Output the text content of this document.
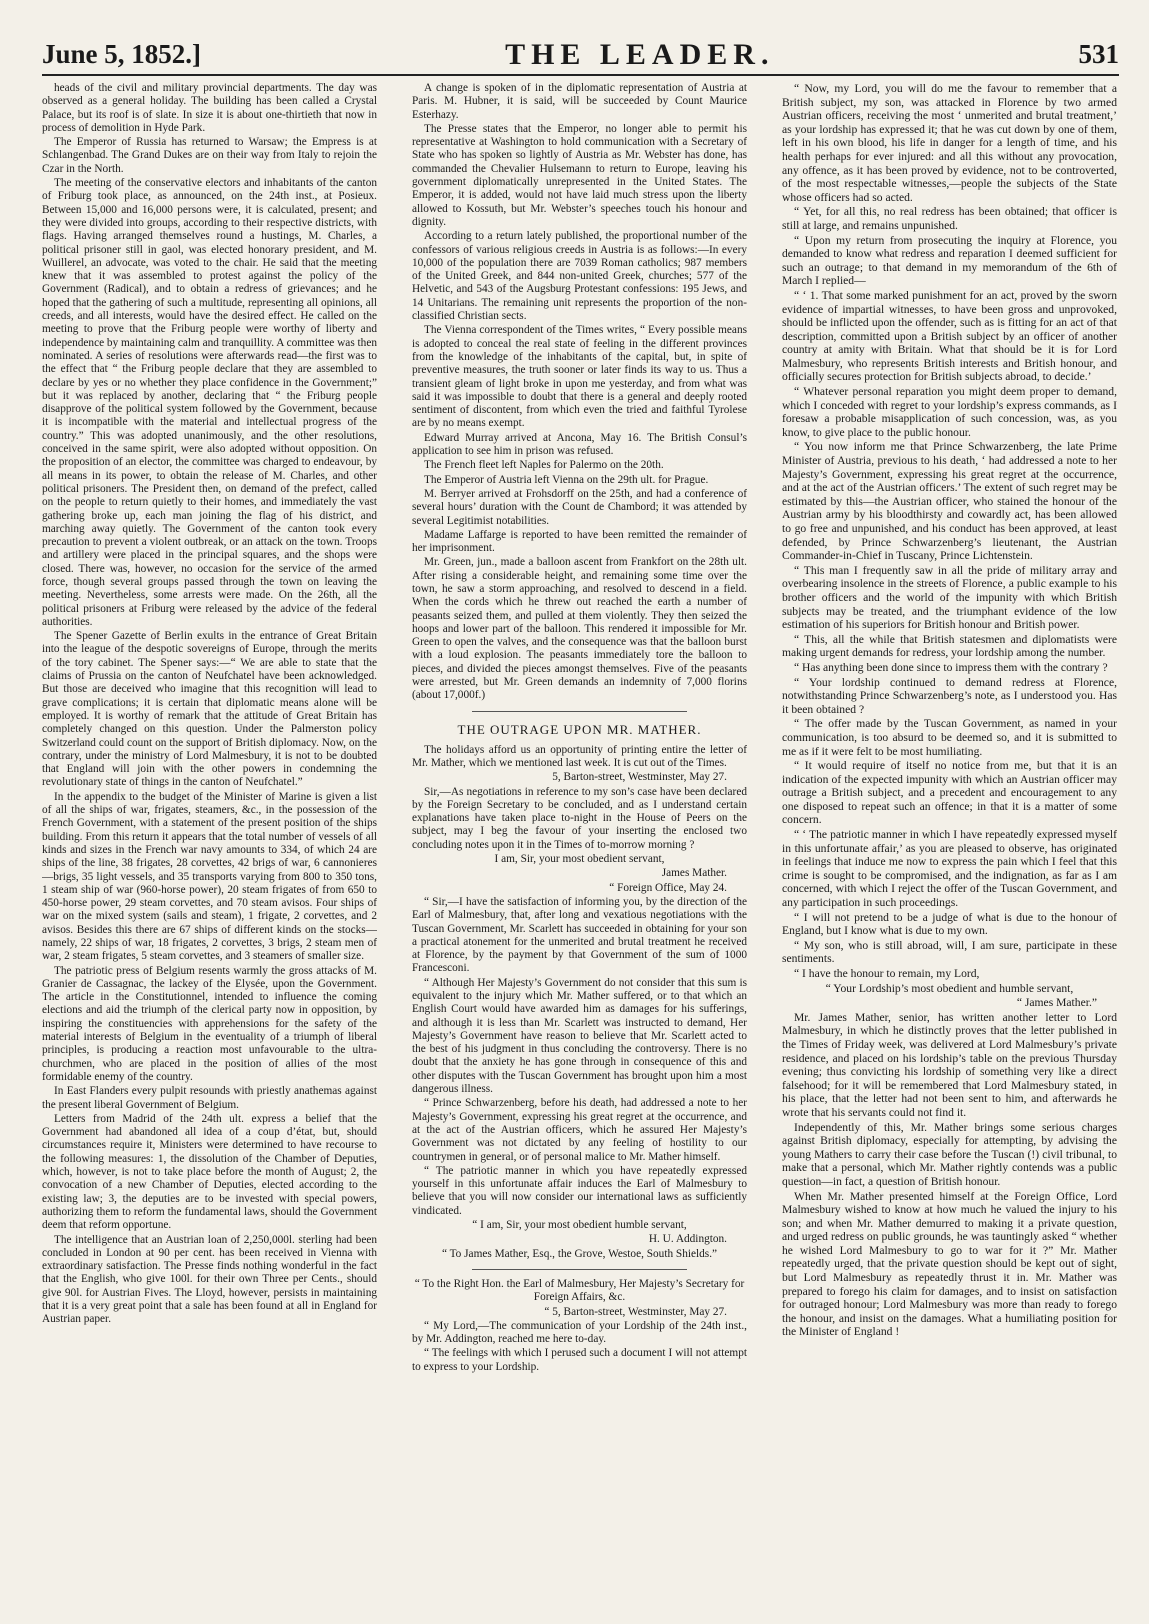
June 5, 1852.]	THE LEADER.	531

heads of the civil and military provincial departments. The day was observed as a general holiday. The building has been called a Crystal Palace, but its roof is of slate. In size it is about one-thirtieth that now in process of demolition in Hyde Park.

The Emperor of Russia has returned to Warsaw; the Empress is at Schlangenbad. The Grand Dukes are on their way from Italy to rejoin the Czar in the North.

The meeting of the conservative electors and inhabitants of the canton of Friburg took place, as announced, on the 24th inst., at Posieux. Between 15,000 and 16,000 persons were, it is calculated, present; and they were divided into groups, according to their respective districts, with flags. Having arranged themselves round a hustings, M. Charles, a political prisoner still in gaol, was elected honorary president, and M. Wuillerel, an advocate, was voted to the chair. He said that the meeting knew that it was assembled to protest against the policy of the Government (Radical), and to obtain a redress of grievances; and he hoped that the gathering of such a multitude, representing all opinions, all creeds, and all interests, would have the desired effect. He called on the meeting to prove that the Friburg people were worthy of liberty and independence by maintaining calm and tranquillity. A committee was then nominated. A series of resolutions were afterwards read—the first was to the effect that “ the Friburg people declare that they are assembled to declare by yes or no whether they place confidence in the Government;” but it was replaced by another, declaring that “ the Friburg people disapprove of the political system followed by the Government, because it is incompatible with the material and intellectual progress of the country.” This was adopted unanimously, and the other resolutions, conceived in the same spirit, were also adopted without opposition. On the proposition of an elector, the committee was charged to endeavour, by all means in its power, to obtain the release of M. Charles, and other political prisoners. The President then, on demand of the prefect, called on the people to return quietly to their homes, and immediately the vast gathering broke up, each man joining the flag of his district, and marching away quietly. The Government of the canton took every precaution to prevent a violent outbreak, or an attack on the town. Troops and artillery were placed in the principal squares, and the shops were closed. There was, however, no occasion for the service of the armed force, though several groups passed through the town on leaving the meeting. Nevertheless, some arrests were made. On the 26th, all the political prisoners at Friburg were released by the advice of the federal authorities.

The Spener Gazette of Berlin exults in the entrance of Great Britain into the league of the despotic sovereigns of Europe, through the merits of the tory cabinet. The Spener says:—“ We are able to state that the claims of Prussia on the canton of Neufchatel have been acknowledged. But those are deceived who imagine that this recognition will lead to grave complications; it is certain that diplomatic means alone will be employed. It is worthy of remark that the attitude of Great Britain has completely changed on this question. Under the Palmerston policy Switzerland could count on the support of British diplomacy. Now, on the contrary, under the ministry of Lord Malmesbury, it is not to be doubted that England will join with the other powers in condemning the revolutionary state of things in the canton of Neufchatel.”

In the appendix to the budget of the Minister of Marine is given a list of all the ships of war, frigates, steamers, &c., in the possession of the French Government, with a statement of the present position of the ships building. From this return it appears that the total number of vessels of all kinds and sizes in the French war navy amounts to 334, of which 24 are ships of the line, 38 frigates, 28 corvettes, 42 brigs of war, 6 cannonieres—brigs, 35 light vessels, and 35 transports varying from 800 to 350 tons, 1 steam ship of war (960-horse power), 20 steam frigates of from 650 to 450-horse power, 29 steam corvettes, and 70 steam avisos. Four ships of war on the mixed system (sails and steam), 1 frigate, 2 corvettes, and 2 avisos. Besides this there are 67 ships of different kinds on the stocks—namely, 22 ships of war, 18 frigates, 2 corvettes, 3 brigs, 2 steam men of war, 2 steam frigates, 5 steam corvettes, and 3 steamers of smaller size.

The patriotic press of Belgium resents warmly the gross attacks of M. Granier de Cassagnac, the lackey of the Elysée, upon the Government. The article in the Constitutionnel, intended to influence the coming elections and aid the triumph of the clerical party now in opposition, by inspiring the constituencies with apprehensions for the safety of the material interests of Belgium in the eventuality of a triumph of liberal principles, is producing a reaction most unfavourable to the ultra-churchmen, who are placed in the position of allies of the most formidable enemy of the country.

In East Flanders every pulpit resounds with priestly anathemas against the present liberal Government of Belgium.

Letters from Madrid of the 24th ult. express a belief that the Government had abandoned all idea of a coup d’état, but, should circumstances require it, Ministers were determined to have recourse to the following measures: 1, the dissolution of the Chamber of Deputies, which, however, is not to take place before the month of August; 2, the convocation of a new Chamber of Deputies, elected according to the existing law; 3, the deputies are to be invested with special powers, authorizing them to reform the fundamental laws, should the Government deem that reform opportune.

The intelligence that an Austrian loan of 2,250,000l. sterling had been concluded in London at 90 per cent. has been received in Vienna with extraordinary satisfaction. The Presse finds nothing wonderful in the fact that the English, who give 100l. for their own Three per Cents., should give 90l. for Austrian Fives. The Lloyd, however, persists in maintaining that it is a very great point that a sale has been found at all in England for Austrian paper.

A change is spoken of in the diplomatic representation of Austria at Paris. M. Hubner, it is said, will be succeeded by Count Maurice Esterhazy.

The Presse states that the Emperor, no longer able to permit his representative at Washington to hold communication with a Secretary of State who has spoken so lightly of Austria as Mr. Webster has done, has commanded the Chevalier Hulsemann to return to Europe, leaving his government diplomatically unrepresented in the United States. The Emperor, it is added, would not have laid much stress upon the liberty allowed to Kossuth, but Mr. Webster’s speeches touch his honour and dignity.

According to a return lately published, the proportional number of the confessors of various religious creeds in Austria is as follows:—In every 10,000 of the population there are 7039 Roman catholics; 987 members of the United Greek, and 844 non-united Greek, churches; 577 of the Helvetic, and 543 of the Augsburg Protestant confessions: 195 Jews, and 14 Unitarians. The remaining unit represents the proportion of the non-classified Christian sects.

The Vienna correspondent of the Times writes, “ Every possible means is adopted to conceal the real state of feeling in the different provinces from the knowledge of the inhabitants of the capital, but, in spite of preventive measures, the truth sooner or later finds its way to us. Thus a transient gleam of light broke in upon me yesterday, and from what was said it was impossible to doubt that there is a general and deeply rooted sentiment of discontent, from which even the tried and faithful Tyrolese are by no means exempt.

Edward Murray arrived at Ancona, May 16. The British Consul’s application to see him in prison was refused.

The French fleet left Naples for Palermo on the 20th.

The Emperor of Austria left Vienna on the 29th ult. for Prague.

M. Berryer arrived at Frohsdorff on the 25th, and had a conference of several hours’ duration with the Count de Chambord; it was attended by several Legitimist notabilities.

Madame Laffarge is reported to have been remitted the remainder of her imprisonment.

Mr. Green, jun., made a balloon ascent from Frankfort on the 28th ult. After rising a considerable height, and remaining some time over the town, he saw a storm approaching, and resolved to descend in a field. When the cords which he threw out reached the earth a number of peasants seized them, and pulled at them violently. They then seized the hoops and lower part of the balloon. This rendered it impossible for Mr. Green to open the valves, and the consequence was that the balloon burst with a loud explosion. The peasants immediately tore the balloon to pieces, and divided the pieces amongst themselves. Five of the peasants were arrested, but Mr. Green demands an indemnity of 7,000 florins (about 17,000f.)

THE OUTRAGE UPON MR. MATHER.

The holidays afford us an opportunity of printing entire the letter of Mr. Mather, which we mentioned last week. It is cut out of the Times.

5, Barton-street, Westminster, May 27.

Sir,—As negotiations in reference to my son’s case have been declared by the Foreign Secretary to be concluded, and as I understand certain explanations have taken place to-night in the House of Peers on the subject, may I beg the favour of your inserting the enclosed two concluding notes upon it in the Times of to-morrow morning ?

I am, Sir, your most obedient servant,

James Mather.

“ Foreign Office, May 24.

“ Sir,—I have the satisfaction of informing you, by the direction of the Earl of Malmesbury, that, after long and vexatious negotiations with the Tuscan Government, Mr. Scarlett has succeeded in obtaining for your son a practical atonement for the unmerited and brutal treatment he received at Florence, by the payment by that Government of the sum of 1000 Francesconi.

“ Although Her Majesty’s Government do not consider that this sum is equivalent to the injury which Mr. Mather suffered, or to that which an English Court would have awarded him as damages for his sufferings, and although it is less than Mr. Scarlett was instructed to demand, Her Majesty’s Government have reason to believe that Mr. Scarlett acted to the best of his judgment in thus concluding the controversy. There is no doubt that the anxiety he has gone through in consequence of this and other disputes with the Tuscan Government has brought upon him a most dangerous illness.

“ Prince Schwarzenberg, before his death, had addressed a note to her Majesty’s Government, expressing his great regret at the occurrence, and at the act of the Austrian officers, which he assured Her Majesty’s Government was not dictated by any feeling of hostility to our countrymen in general, or of personal malice to Mr. Mather himself.

“ The patriotic manner in which you have repeatedly expressed yourself in this unfortunate affair induces the Earl of Malmesbury to believe that you will now consider our international laws as sufficiently vindicated.

“ I am, Sir, your most obedient humble servant,

H. U. Addington.

“ To James Mather, Esq., the Grove, Westoe, South Shields.”

“ To the Right Hon. the Earl of Malmesbury, Her Majesty’s Secretary for Foreign Affairs, &c.

“ 5, Barton-street, Westminster, May 27.

“ My Lord,—The communication of your Lordship of the 24th inst., by Mr. Addington, reached me here to-day.

“ The feelings with which I perused such a document I will not attempt to express to your Lordship.

“ Now, my Lord, you will do me the favour to remember that a British subject, my son, was attacked in Florence by two armed Austrian officers, receiving the most ‘ unmerited and brutal treatment,’ as your lordship has expressed it; that he was cut down by one of them, left in his own blood, his life in danger for a length of time, and his health perhaps for ever injured: and all this without any provocation, any offence, as it has been proved by evidence, not to be controverted, of the most respectable witnesses,—people the subjects of the State whose officers had so acted.

“ Yet, for all this, no real redress has been obtained; that officer is still at large, and remains unpunished.

“ Upon my return from prosecuting the inquiry at Florence, you demanded to know what redress and reparation I deemed sufficient for such an outrage; to that demand in my memorandum of the 6th of March I replied—

“ ‘ 1. That some marked punishment for an act, proved by the sworn evidence of impartial witnesses, to have been gross and unprovoked, should be inflicted upon the offender, such as is fitting for an act of that description, committed upon a British subject by an officer of another country at amity with Britain. What that should be it is for Lord Malmesbury, who represents British interests and British honour, and officially secures protection for British subjects abroad, to decide.’

“ Whatever personal reparation you might deem proper to demand, which I conceded with regret to your lordship’s express commands, as I foresaw a probable misapplication of such concession, was, as you know, to give place to the public honour.

“ You now inform me that Prince Schwarzenberg, the late Prime Minister of Austria, previous to his death, ‘ had addressed a note to her Majesty’s Government, expressing his great regret at the occurrence, and at the act of the Austrian officers.’ The extent of such regret may be estimated by this—the Austrian officer, who stained the honour of the Austrian army by his bloodthirsty and cowardly act, has been allowed to go free and unpunished, and his conduct has been approved, at least defended, by Prince Schwarzenberg’s lieutenant, the Austrian Commander-in-Chief in Tuscany, Prince Lichtenstein.

“ This man I frequently saw in all the pride of military array and overbearing insolence in the streets of Florence, a public example to his brother officers and the world of the impunity with which British subjects may be treated, and the triumphant evidence of the low estimation of his superiors for British honour and British power.

“ This, all the while that British statesmen and diplomatists were making urgent demands for redress, your lordship among the number.

“ Has anything been done since to impress them with the contrary ?

“ Your lordship continued to demand redress at Florence, notwithstanding Prince Schwarzenberg’s note, as I understood you. Has it been obtained ?

“ The offer made by the Tuscan Government, as named in your communication, is too absurd to be deemed so, and it is submitted to me as if it were felt to be most humiliating.

“ It would require of itself no notice from me, but that it is an indication of the expected impunity with which an Austrian officer may outrage a British subject, and a precedent and encouragement to any one disposed to repeat such an offence; in that it is a matter of some concern.

“ ‘ The patriotic manner in which I have repeatedly expressed myself in this unfortunate affair,’ as you are pleased to observe, has originated in feelings that induce me now to express the pain which I feel that this crime is sought to be compromised, and the indignation, as far as I am concerned, with which I reject the offer of the Tuscan Government, and any participation in such proceedings.

“ I will not pretend to be a judge of what is due to the honour of England, but I know what is due to my own.

“ My son, who is still abroad, will, I am sure, participate in these sentiments.

“ I have the honour to remain, my Lord,

“ Your Lordship’s most obedient and humble servant,

“ James Mather.”

Mr. James Mather, senior, has written another letter to Lord Malmesbury, in which he distinctly proves that the letter published in the Times of Friday week, was delivered at Lord Malmesbury’s private residence, and placed on his lordship’s table on the previous Thursday evening; thus convicting his lordship of something very like a direct falsehood; for it will be remembered that Lord Malmesbury stated, in his place, that the letter had not been sent to him, and afterwards he wrote that his servants could not find it.

Independently of this, Mr. Mather brings some serious charges against British diplomacy, especially for attempting, by advising the young Mathers to carry their case before the Tuscan (!) civil tribunal, to make that a personal, which Mr. Mather rightly contends was a public question—in fact, a question of British honour.

When Mr. Mather presented himself at the Foreign Office, Lord Malmesbury wished to know at how much he valued the injury to his son; and when Mr. Mather demurred to making it a private question, and urged redress on public grounds, he was tauntingly asked “ whether he wished Lord Malmesbury to go to war for it ?” Mr. Mather repeatedly urged, that the private question should be kept out of sight, but Lord Malmesbury as repeatedly thrust it in. Mr. Mather was prepared to forego his claim for damages, and to insist on satisfaction for outraged honour; Lord Malmesbury was more than ready to forego the honour, and insist on the damages. What a humiliating position for the Minister of England !
